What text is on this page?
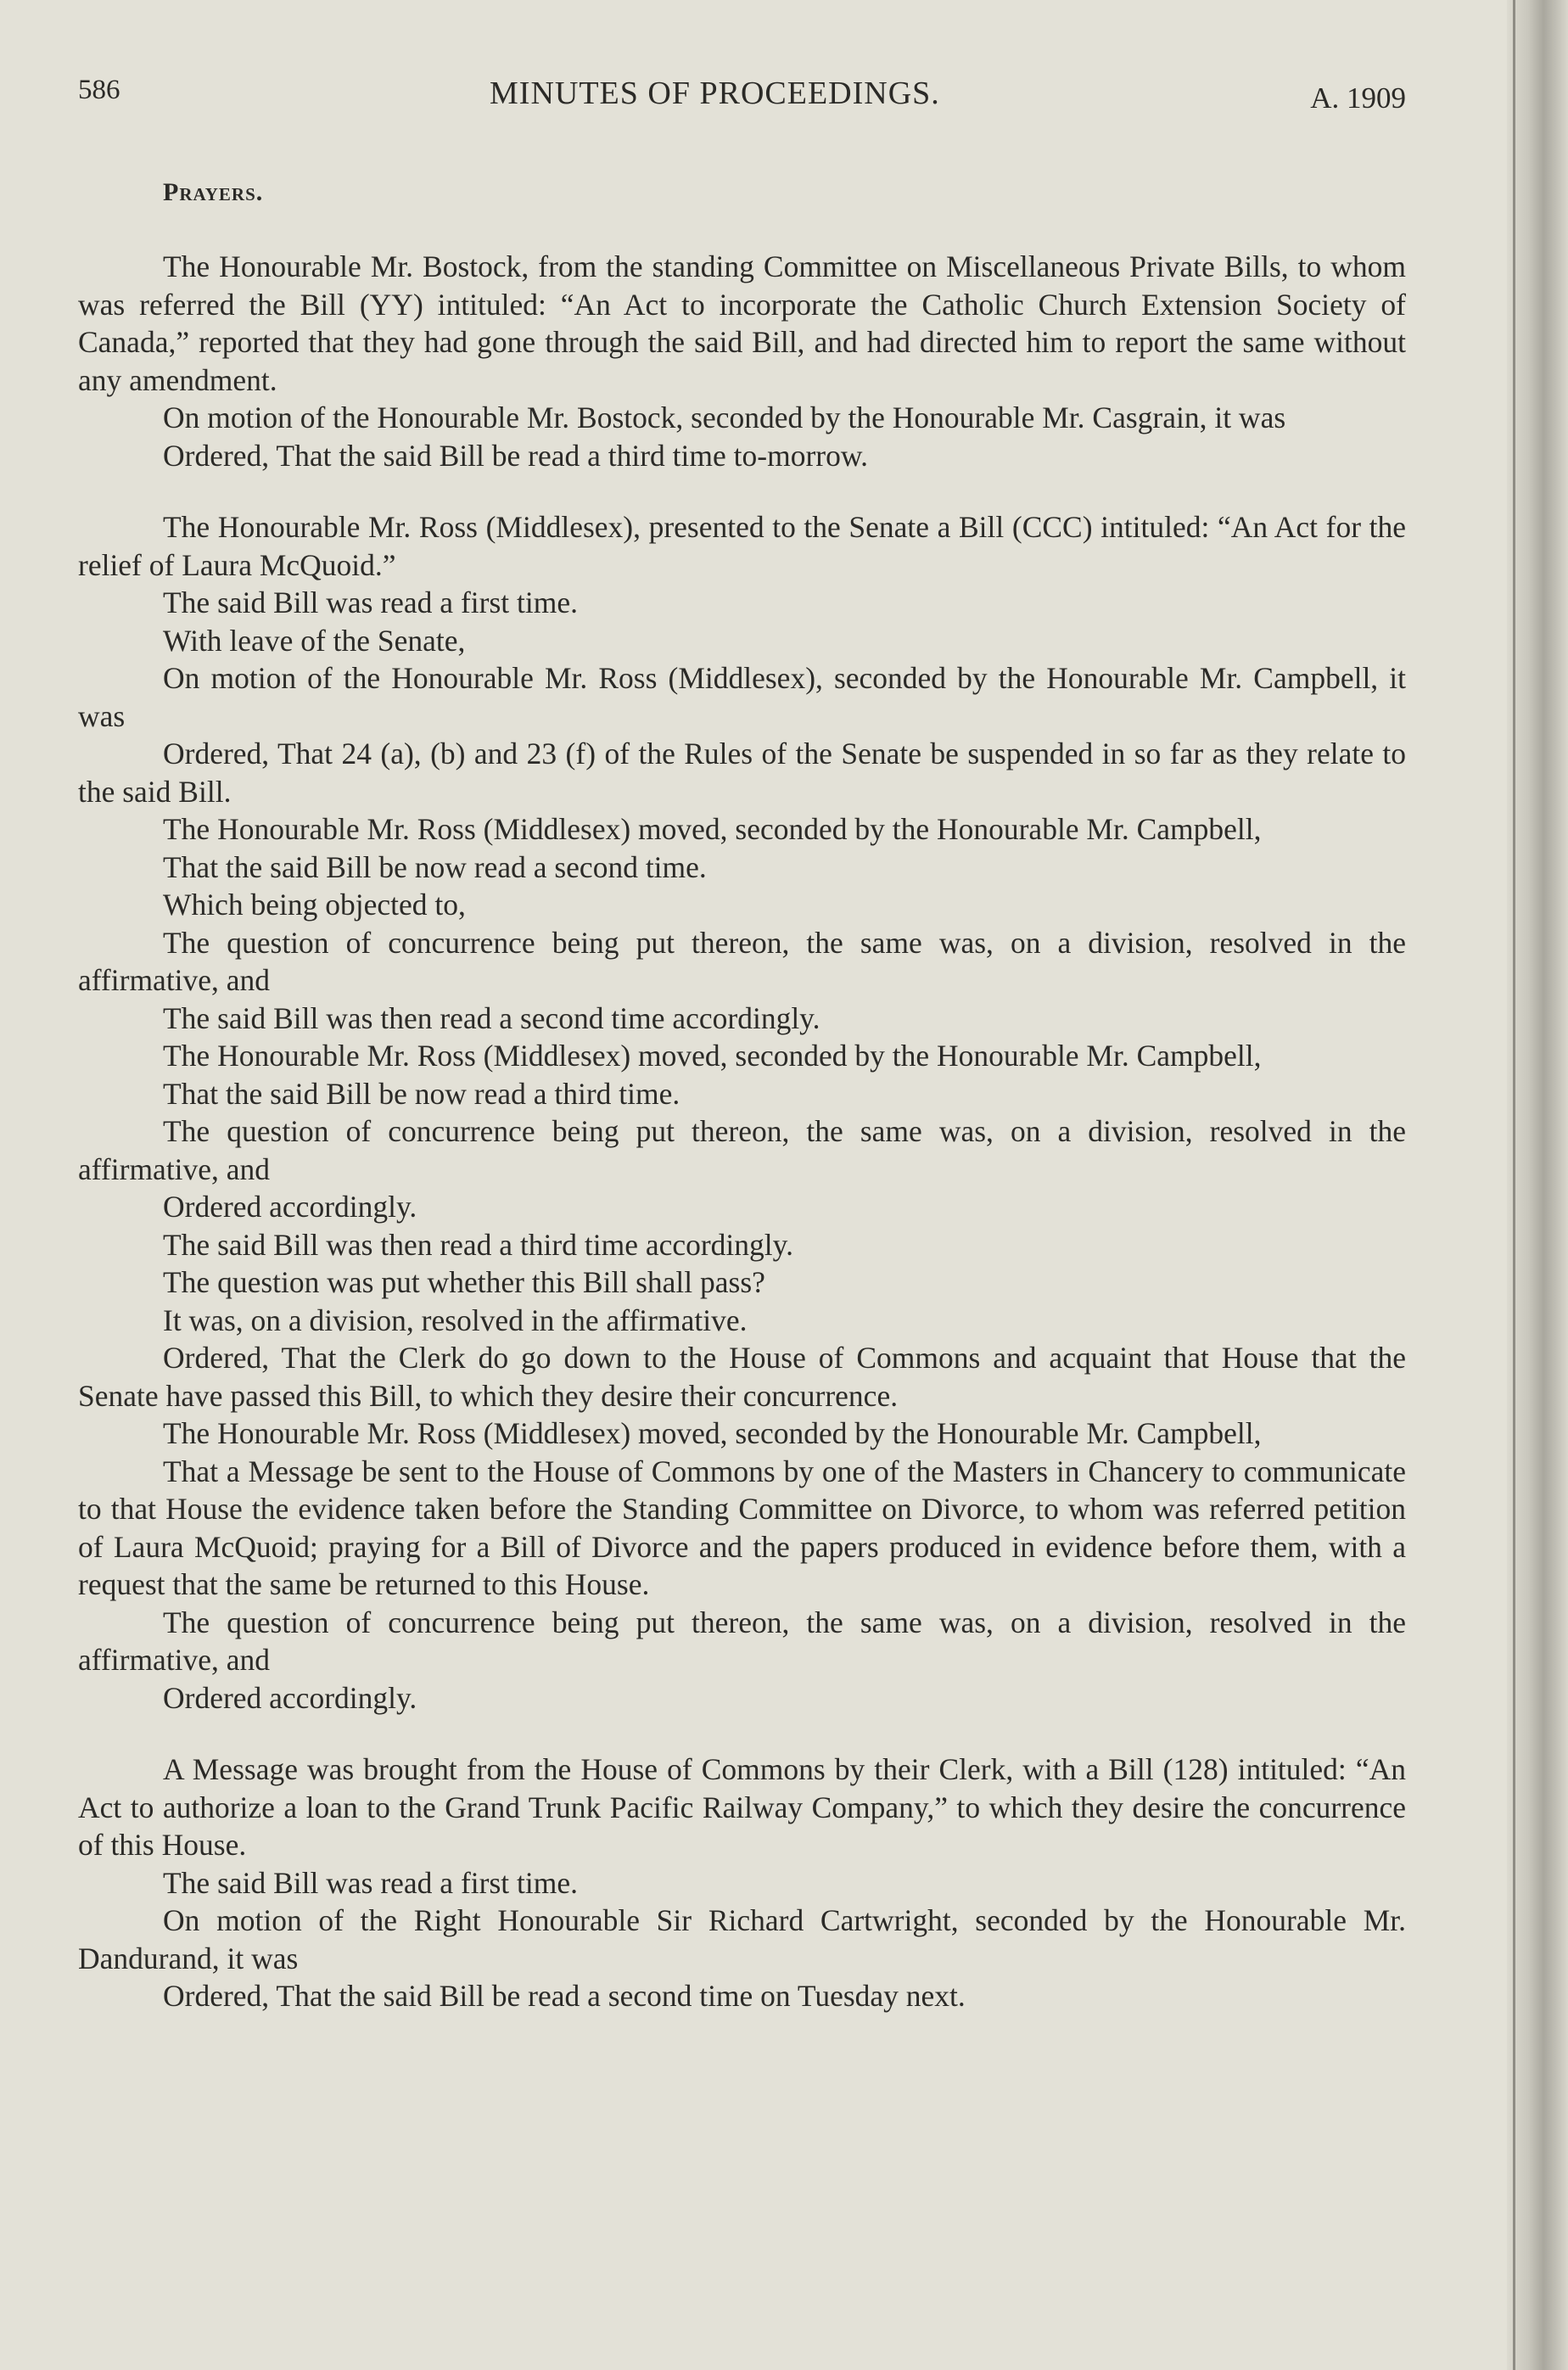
586	MINUTES OF PROCEEDINGS.	A. 1909
Prayers.

The Honourable Mr. Bostock, from the standing Committee on Miscellaneous Private Bills, to whom was referred the Bill (YY) intituled: “An Act to incorporate the Catholic Church Extension Society of Canada,” reported that they had gone through the said Bill, and had directed him to report the same without any amendment.

On motion of the Honourable Mr. Bostock, seconded by the Honourable Mr. Casgrain, it was

Ordered, That the said Bill be read a third time to-morrow.

The Honourable Mr. Ross (Middlesex), presented to the Senate a Bill (CCC) intituled: “An Act for the relief of Laura McQuoid.”

The said Bill was read a first time.

With leave of the Senate,

On motion of the Honourable Mr. Ross (Middlesex), seconded by the Honourable Mr. Campbell, it was

Ordered, That 24 (a), (b) and 23 (f) of the Rules of the Senate be suspended in so far as they relate to the said Bill.

The Honourable Mr. Ross (Middlesex) moved, seconded by the Honourable Mr. Campbell,

That the said Bill be now read a second time.

Which being objected to,

The question of concurrence being put thereon, the same was, on a division, resolved in the affirmative, and

The said Bill was then read a second time accordingly.

The Honourable Mr. Ross (Middlesex) moved, seconded by the Honourable Mr. Campbell,

That the said Bill be now read a third time.

The question of concurrence being put thereon, the same was, on a division, resolved in the affirmative, and

Ordered accordingly.

The said Bill was then read a third time accordingly.

The question was put whether this Bill shall pass?

It was, on a division, resolved in the affirmative.

Ordered, That the Clerk do go down to the House of Commons and acquaint that House that the Senate have passed this Bill, to which they desire their concurrence.

The Honourable Mr. Ross (Middlesex) moved, seconded by the Honourable Mr. Campbell,

That a Message be sent to the House of Commons by one of the Masters in Chancery to communicate to that House the evidence taken before the Standing Committee on Divorce, to whom was referred petition of Laura McQuoid; praying for a Bill of Divorce and the papers produced in evidence before them, with a request that the same be returned to this House.

The question of concurrence being put thereon, the same was, on a division, resolved in the affirmative, and

Ordered accordingly.

A Message was brought from the House of Commons by their Clerk, with a Bill (128) intituled: “An Act to authorize a loan to the Grand Trunk Pacific Railway Company,” to which they desire the concurrence of this House.

The said Bill was read a first time.

On motion of the Right Honourable Sir Richard Cartwright, seconded by the Honourable Mr. Dandurand, it was

Ordered, That the said Bill be read a second time on Tuesday next.
